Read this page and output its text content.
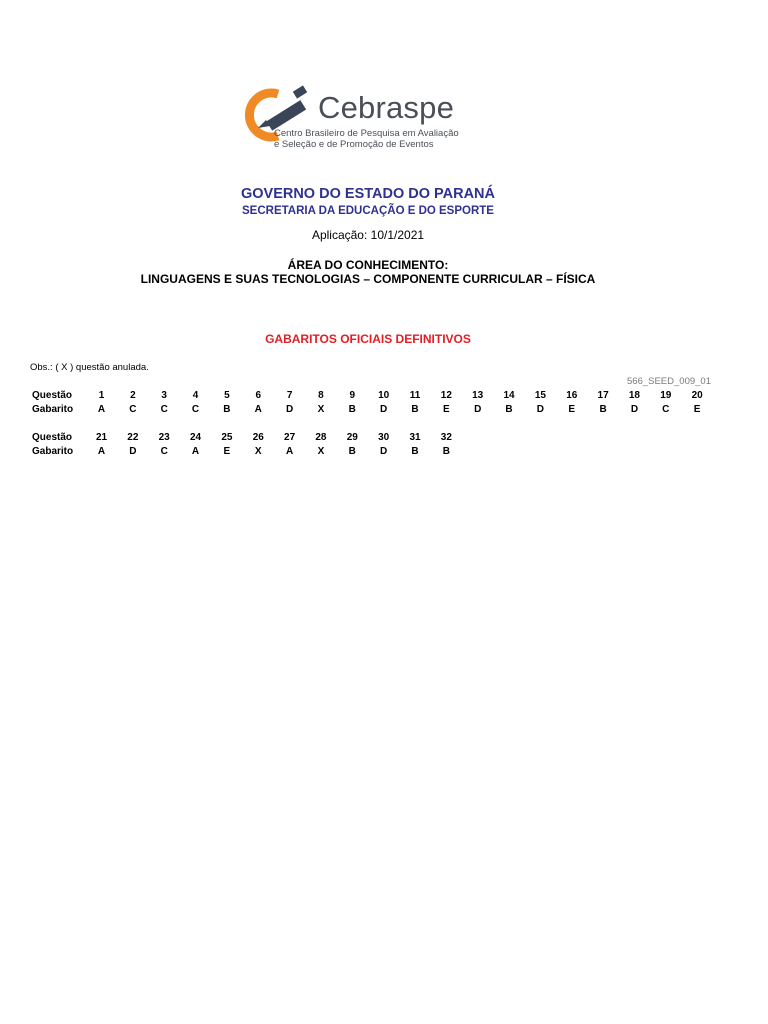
Cebraspe
Centro Brasileiro de Pesquisa em Avaliação
e Seleção e de Promoção de Eventos
GOVERNO DO ESTADO DO PARANÁ
SECRETARIA DA EDUCAÇÃO E DO ESPORTE
Aplicação: 10/1/2021
ÁREA DO CONHECIMENTO:
LINGUAGENS E SUAS TECNOLOGIAS – COMPONENTE CURRICULAR – FÍSICA
GABARITOS OFICIAIS DEFINITIVOS
Obs.: ( X ) questão anulada.
566_SEED_009_01
Questão	1	2	3	4	5	6	7	8	9	10	11	12	13	14	15	16	17	18	19	20
Gabarito	A	C	C	C	B	A	D	X	B	D	B	E	D	B	D	E	B	D	C	E
Questão	21	22	23	24	25	26	27	28	29	30	31	32
Gabarito	A	D	C	A	E	X	A	X	B	D	B	B
